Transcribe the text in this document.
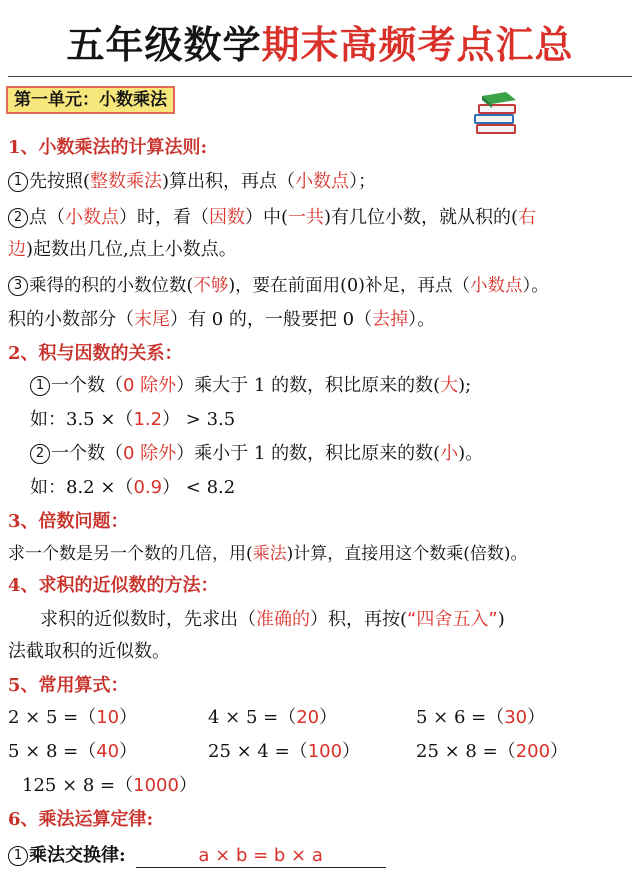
五年级数学期末高频考点汇总
第一单元：小数乘法
1、小数乘法的计算法则:
1 先按照(整数乘法)算出积，再点（小数点）；
2 点（小数点）时，看（因数）中(一共)有几位小数，就从积的(右
边)起数出几位,点上小数点。
3 乘得的积的小数位数(不够)，要在前面用(0)补足，再点（小数点）。
积的小数部分（末尾）有 0 的，一般要把 0（去掉）。
2、积与因数的关系：
1 一个数（0 除外）乘大于 1 的数，积比原来的数(大);
如：3.5 ×（1.2） > 3.5
2 一个数（0 除外）乘小于 1 的数，积比原来的数(小)。
如：8.2 ×（0.9） < 8.2
3、倍数问题：
求一个数是另一个数的几倍，用(乘法)计算，直接用这个数乘(倍数)。
4、求积的近似数的方法：
求积的近似数时，先求出（准确的）积，再按(“四舍五入”)
法截取积的近似数。
5、常用算式：
2 × 5 =（10）	4 × 5 =（20）	5 × 6 =（30）
5 × 8 =（40）	25 × 4 =（100）	25 × 8 =（200）
125 × 8 =（1000）
6、乘法运算定律:
1 乘法交换律:	a × b = b × a
